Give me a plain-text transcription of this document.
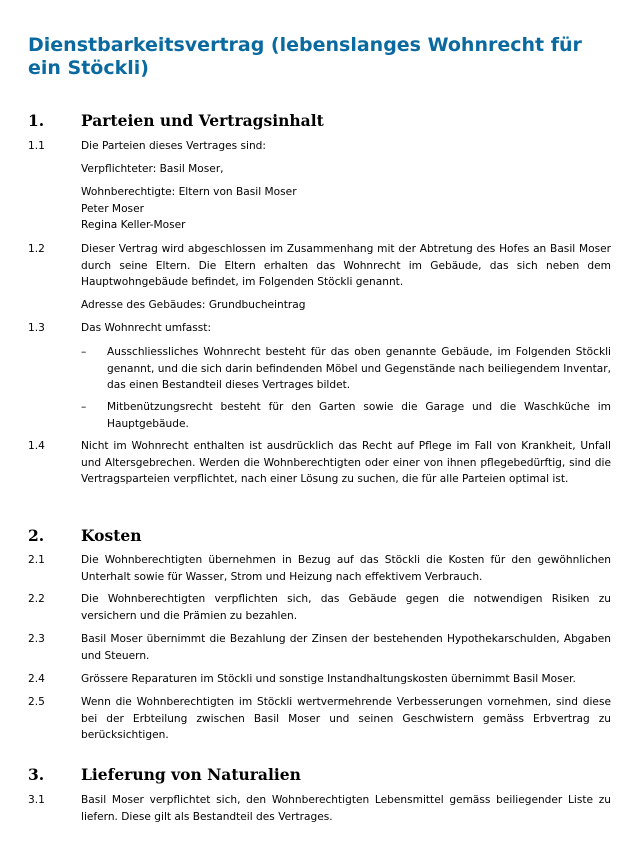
Dienstbarkeitsvertrag (lebenslanges Wohnrecht für ein Stöckli)
1. Parteien und Vertragsinhalt
1.1	Die Parteien dieses Vertrages sind:

Verpflichteter: Basil Moser,

Wohnberechtigte: Eltern von Basil Moser

Peter Moser

Regina Keller-Moser

1.2	Dieser Vertrag wird abgeschlossen im Zusammenhang mit der Abtretung des Hofes an Basil Moser durch seine Eltern. Die Eltern erhalten das Wohnrecht im Gebäude, das sich neben dem Hauptwohngebäude befindet, im Folgenden Stöckli genannt.

Adresse des Gebäudes: Grundbucheintrag

1.3	Das Wohnrecht umfasst:

– Ausschliessliches Wohnrecht besteht für das oben genannte Gebäude, im Folgenden Stöckli genannt, und die sich darin befindenden Möbel und Gegenstände nach beiliegendem Inventar, das einen Bestandteil dieses Vertrages bildet.

– Mitbenützungsrecht besteht für den Garten sowie die Garage und die Waschküche im Hauptgebäude.

1.4	Nicht im Wohnrecht enthalten ist ausdrücklich das Recht auf Pflege im Fall von Krankheit, Unfall und Altersgebrechen. Werden die Wohnberechtigten oder einer von ihnen pflegebedürftig, sind die Vertragsparteien verpflichtet, nach einer Lösung zu suchen, die für alle Parteien optimal ist.

2. Kosten
2.1	Die Wohnberechtigten übernehmen in Bezug auf das Stöckli die Kosten für den gewöhnlichen Unterhalt sowie für Wasser, Strom und Heizung nach effektivem Verbrauch.

2.2	Die Wohnberechtigten verpflichten sich, das Gebäude gegen die notwendigen Risiken zu versichern und die Prämien zu bezahlen.

2.3	Basil Moser übernimmt die Bezahlung der Zinsen der bestehenden Hypothekarschulden, Abgaben und Steuern.

2.4	Grössere Reparaturen im Stöckli und sonstige Instandhaltungskosten übernimmt Basil Moser.

2.5	Wenn die Wohnberechtigten im Stöckli wertvermehrende Verbesserungen vornehmen, sind diese bei der Erbteilung zwischen Basil Moser und seinen Geschwistern gemäss Erbvertrag zu berücksichtigen.

3. Lieferung von Naturalien
3.1	Basil Moser verpflichtet sich, den Wohnberechtigten Lebensmittel gemäss beiliegender Liste zu liefern. Diese gilt als Bestandteil des Vertrages.
